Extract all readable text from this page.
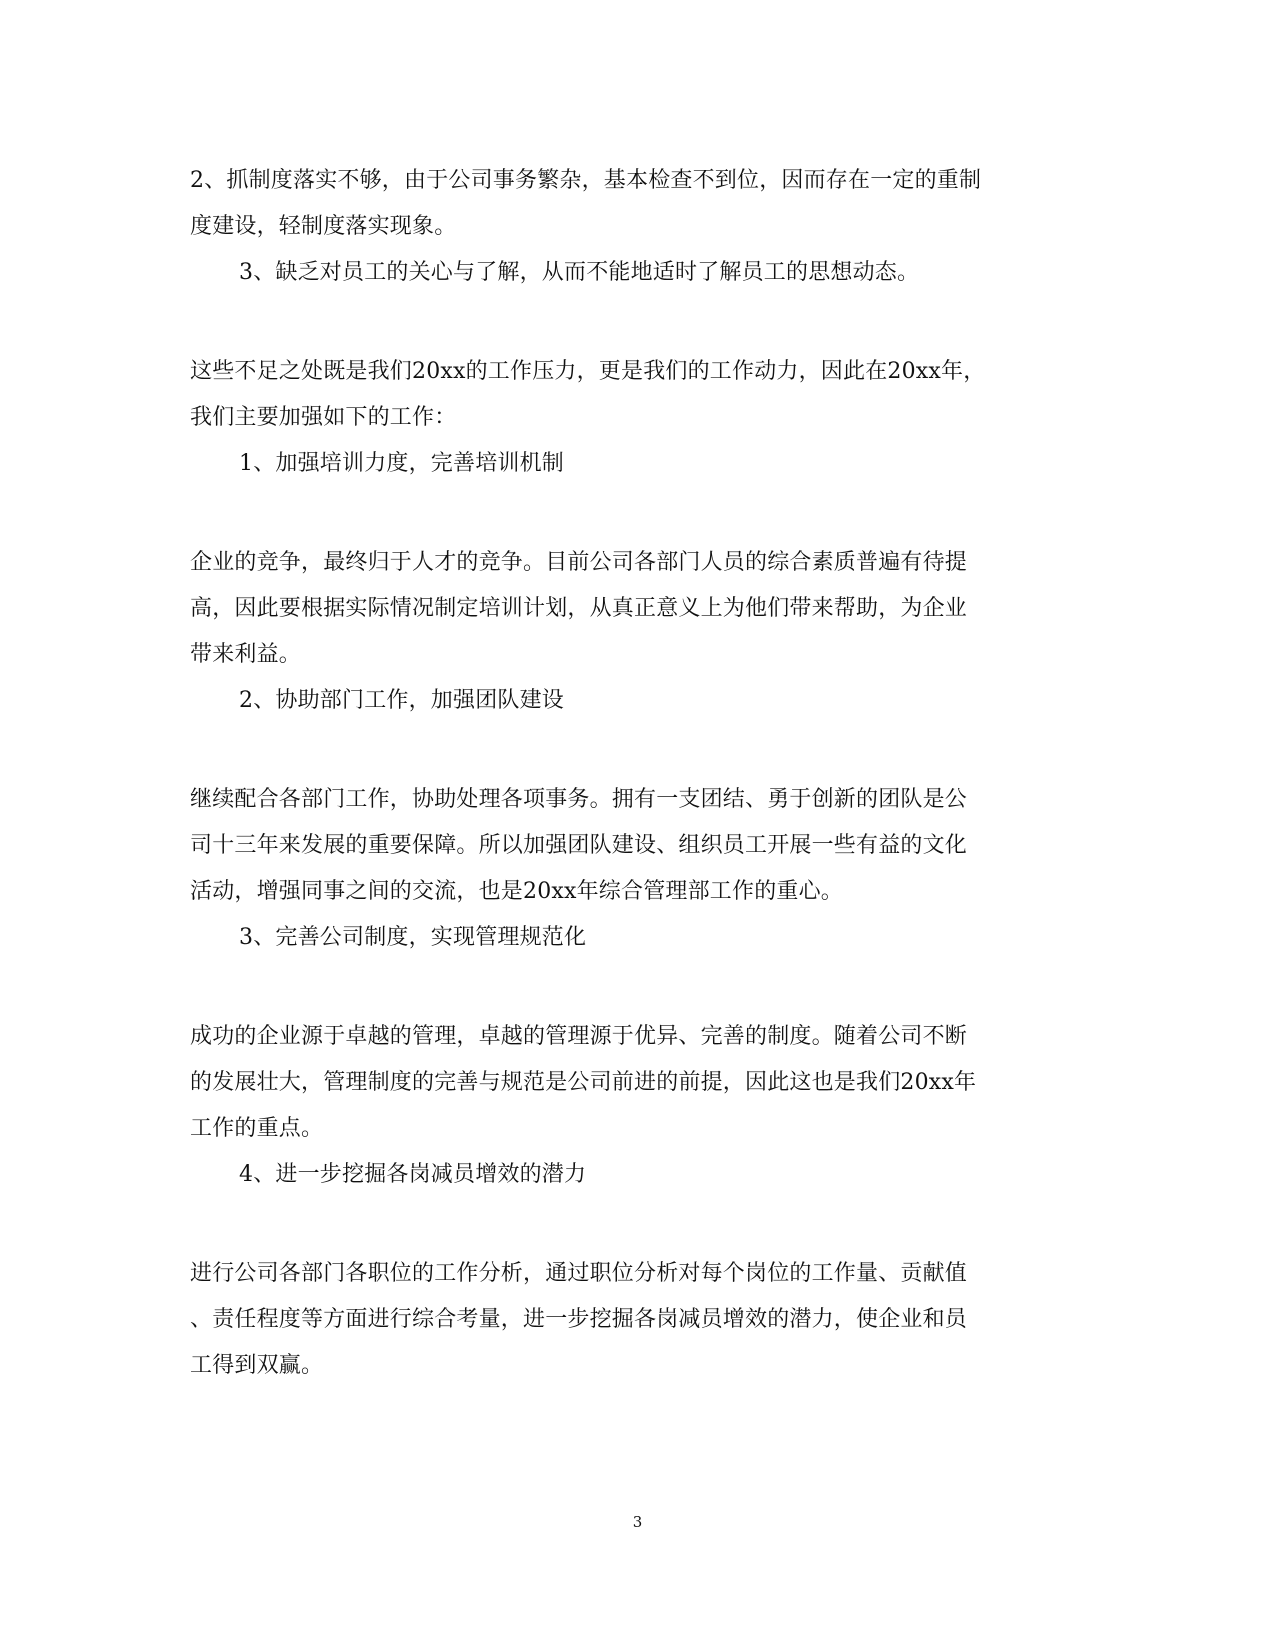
2、抓制度落实不够，由于公司事务繁杂，基本检查不到位，因而存在一定的重制
度建设，轻制度落实现象。
3、缺乏对员工的关心与了解，从而不能地适时了解员工的思想动态。
这些不足之处既是我们20xx的工作压力，更是我们的工作动力，因此在20xx年，
我们主要加强如下的工作：
1、加强培训力度，完善培训机制
企业的竞争，最终归于人才的竞争。目前公司各部门人员的综合素质普遍有待提
高，因此要根据实际情况制定培训计划，从真正意义上为他们带来帮助，为企业
带来利益。
2、协助部门工作，加强团队建设
继续配合各部门工作，协助处理各项事务。拥有一支团结、勇于创新的团队是公
司十三年来发展的重要保障。所以加强团队建设、组织员工开展一些有益的文化
活动，增强同事之间的交流，也是20xx年综合管理部工作的重心。
3、完善公司制度，实现管理规范化
成功的企业源于卓越的管理，卓越的管理源于优异、完善的制度。随着公司不断
的发展壮大，管理制度的完善与规范是公司前进的前提，因此这也是我们20xx年
工作的重点。
4、进一步挖掘各岗减员增效的潜力
进行公司各部门各职位的工作分析，通过职位分析对每个岗位的工作量、贡献值
、责任程度等方面进行综合考量，进一步挖掘各岗减员增效的潜力，使企业和员
工得到双赢。
3
